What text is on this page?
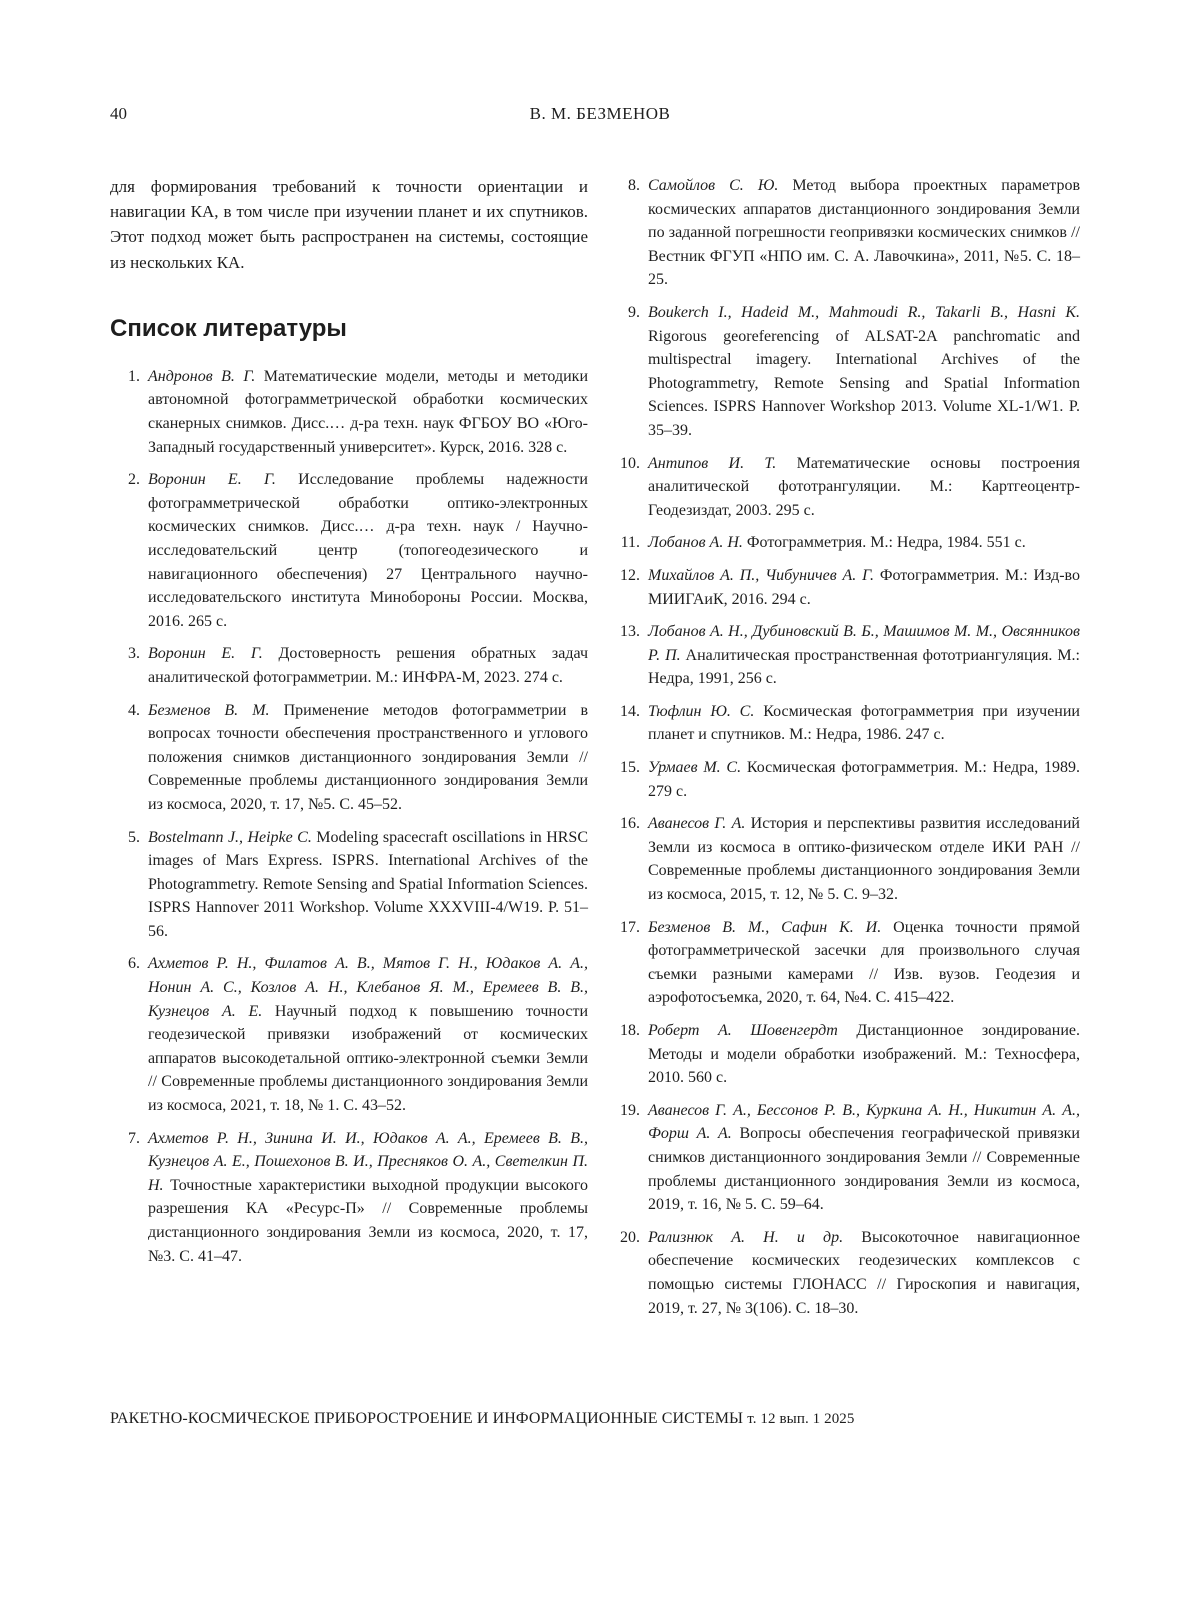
40	В. М. БЕЗМЕНОВ

для формирования требований к точности ориентации и навигации КА, в том числе при изучении планет и их спутников. Этот подход может быть распространен на системы, состоящие из нескольких КА.

Список литературы
1. Андронов В. Г. Математические модели, методы и методики автономной фотограмметрической обработки космических сканерных снимков. Дисс.… д-ра техн. наук ФГБОУ ВО «Юго-Западный государственный университет». Курск, 2016. 328 с.
2. Воронин Е. Г. Исследование проблемы надежности фотограмметрической обработки оптико-электронных космических снимков. Дисс.… д-ра техн. наук / Научно-исследовательский центр (топогеодезического и навигационного обеспечения) 27 Центрального научно-исследовательского института Минобороны России. Москва, 2016. 265 с.
3. Воронин Е. Г. Достоверность решения обратных задач аналитической фотограмметрии. М.: ИНФРА-М, 2023. 274 с.
4. Безменов В. М. Применение методов фотограмметрии в вопросах точности обеспечения пространственного и углового положения снимков дистанционного зондирования Земли // Современные проблемы дистанционного зондирования Земли из космоса, 2020, т. 17, №5. С. 45–52.
5. Bostelmann J., Heipke C. Modeling spacecraft oscillations in HRSC images of Mars Express. ISPRS. International Archives of the Photogrammetry. Remote Sensing and Spatial Information Sciences. ISPRS Hannover 2011 Workshop. Volume XXXVIII-4/W19. P. 51–56.
6. Ахметов Р. Н., Филатов А. В., Мятов Г. Н., Юдаков А. А., Нонин А. С., Козлов А. Н., Клебанов Я. М., Еремеев В. В., Кузнецов А. Е. Научный подход к повышению точности геодезической привязки изображений от космических аппаратов высокодетальной оптико-электронной съемки Земли // Современные проблемы дистанционного зондирования Земли из космоса, 2021, т. 18, № 1. С. 43–52.
7. Ахметов Р. Н., Зинина И. И., Юдаков А. А., Еремеев В. В., Кузнецов А. Е., Пошехонов В. И., Пресняков О. А., Светелкин П. Н. Точностные характеристики выходной продукции высокого разрешения КА «Ресурс-П» // Современные проблемы дистанционного зондирования Земли из космоса, 2020, т. 17, №3. С. 41–47.
8. Самойлов С. Ю. Метод выбора проектных параметров космических аппаратов дистанционного зондирования Земли по заданной погрешности геопривязки космических снимков // Вестник ФГУП «НПО им. С. А. Лавочкина», 2011, №5. С. 18–25.
9. Boukerch I., Hadeid M., Mahmoudi R., Takarli B., Hasni K. Rigorous georeferencing of ALSAT-2A panchromatic and multispectral imagery. International Archives of the Photogrammetry, Remote Sensing and Spatial Information Sciences. ISPRS Hannover Workshop 2013. Volume XL-1/W1. P. 35–39.
10. Антипов И. Т. Математические основы построения аналитической фототрангуляции. М.: Картгеоцентр-Геодезиздат, 2003. 295 с.
11. Лобанов А. Н. Фотограмметрия. М.: Недра, 1984. 551 с.
12. Михайлов А. П., Чибуничев А. Г. Фотограмметрия. М.: Изд-во МИИГАиК, 2016. 294 с.
13. Лобанов А. Н., Дубиновский В. Б., Машимов М. М., Овсянников Р. П. Аналитическая пространственная фототриангуляция. М.: Недра, 1991, 256 с.
14. Тюфлин Ю. С. Космическая фотограмметрия при изучении планет и спутников. М.: Недра, 1986. 247 с.
15. Урмаев М. С. Космическая фотограмметрия. М.: Недра, 1989. 279 с.
16. Аванесов Г. А. История и перспективы развития исследований Земли из космоса в оптико-физическом отделе ИКИ РАН // Современные проблемы дистанционного зондирования Земли из космоса, 2015, т. 12, № 5. С. 9–32.
17. Безменов В. М., Сафин К. И. Оценка точности прямой фотограмметрической засечки для произвольного случая съемки разными камерами // Изв. вузов. Геодезия и аэрофотосъемка, 2020, т. 64, №4. С. 415–422.
18. Роберт А. Шовенгердт Дистанционное зондирование. Методы и модели обработки изображений. М.: Техносфера, 2010. 560 с.
19. Аванесов Г. А., Бессонов Р. В., Куркина А. Н., Никитин А. А., Форш А. А. Вопросы обеспечения географической привязки снимков дистанционного зондирования Земли // Современные проблемы дистанционного зондирования Земли из космоса, 2019, т. 16, № 5. С. 59–64.
20. Рализнюк А. Н. и др. Высокоточное навигационное обеспечение космических геодезических комплексов с помощью системы ГЛОНАСС // Гироскопия и навигация, 2019, т. 27, № 3(106). С. 18–30.
РАКЕТНО-КОСМИЧЕСКОЕ ПРИБОРОСТРОЕНИЕ И ИНФОРМАЦИОННЫЕ СИСТЕМЫ т. 12 вып. 1 2025
